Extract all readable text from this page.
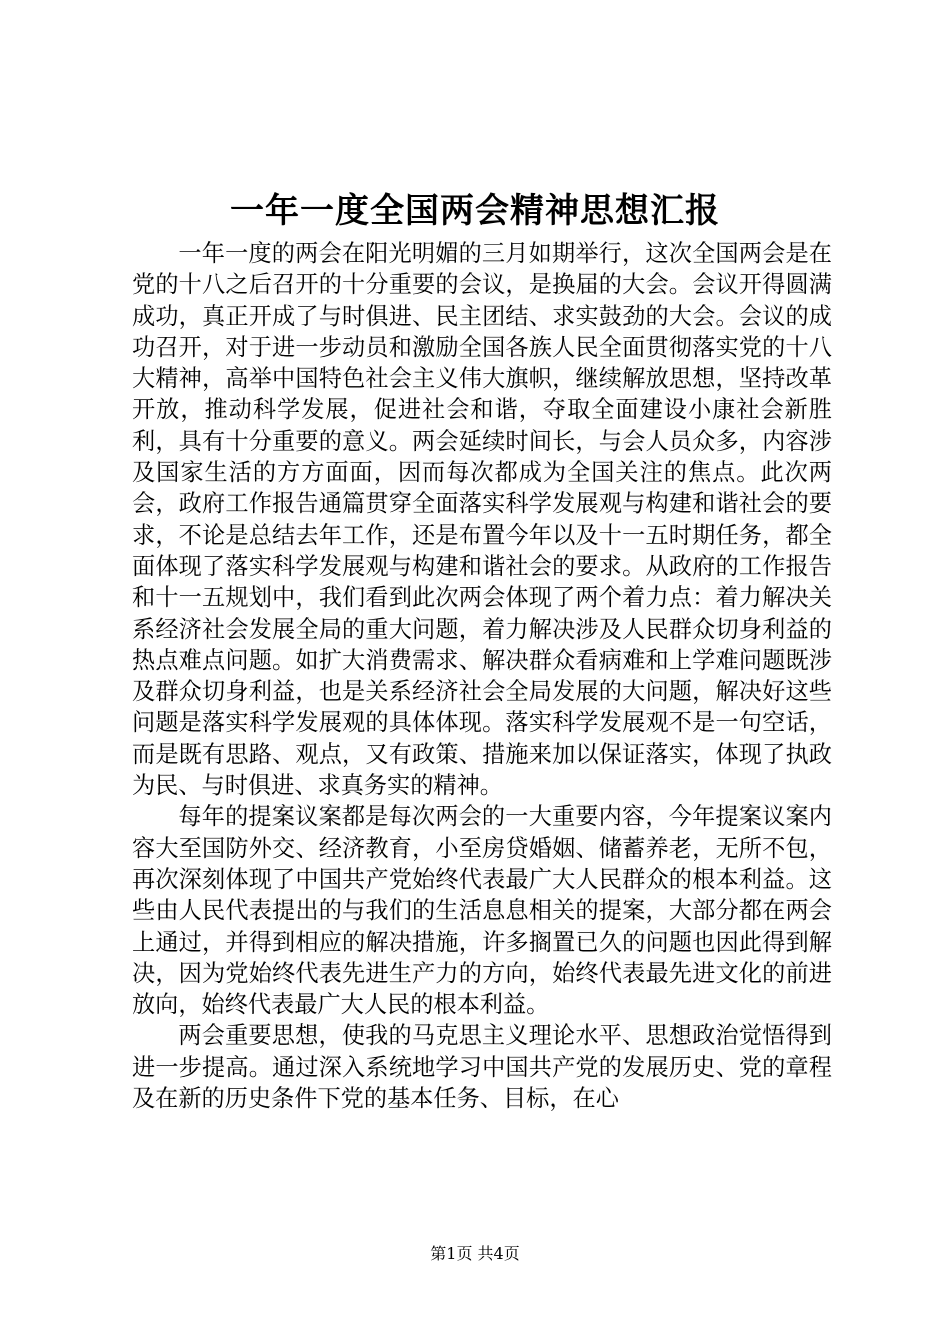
一年一度全国两会精神思想汇报

一年一度的两会在阳光明媚的三月如期举行，这次全国两会是在党的十八之后召开的十分重要的会议，是换届的大会。会议开得圆满成功，真正开成了与时俱进、民主团结、求实鼓劲的大会。会议的成功召开，对于进一步动员和激励全国各族人民全面贯彻落实党的十八大精神，高举中国特色社会主义伟大旗帜，继续解放思想，坚持改革开放，推动科学发展，促进社会和谐，夺取全面建设小康社会新胜利，具有十分重要的意义。两会延续时间长，与会人员众多，内容涉及国家生活的方方面面，因而每次都成为全国关注的焦点。此次两会，政府工作报告通篇贯穿全面落实科学发展观与构建和谐社会的要求，不论是总结去年工作，还是布置今年以及十一五时期任务，都全面体现了落实科学发展观与构建和谐社会的要求。从政府的工作报告和十一五规划中，我们看到此次两会体现了两个着力点：着力解决关系经济社会发展全局的重大问题，着力解决涉及人民群众切身利益的热点难点问题。如扩大消费需求、解决群众看病难和上学难问题既涉及群众切身利益，也是关系经济社会全局发展的大问题，解决好这些问题是落实科学发展观的具体体现。落实科学发展观不是一句空话，而是既有思路、观点，又有政策、措施来加以保证落实，体现了执政为民、与时俱进、求真务实的精神。

每年的提案议案都是每次两会的一大重要内容，今年提案议案内容大至国防外交、经济教育，小至房贷婚姻、储蓄养老，无所不包，再次深刻体现了中国共产党始终代表最广大人民群众的根本利益。这些由人民代表提出的与我们的生活息息相关的提案，大部分都在两会上通过，并得到相应的解决措施，许多搁置已久的问题也因此得到解决，因为党始终代表先进生产力的方向，始终代表最先进文化的前进放向，始终代表最广大人民的根本利益。

两会重要思想，使我的马克思主义理论水平、思想政治觉悟得到进一步提高。通过深入系统地学习中国共产党的发展历史、党的章程及在新的历史条件下党的基本任务、目标，在心

第1页 共4页
